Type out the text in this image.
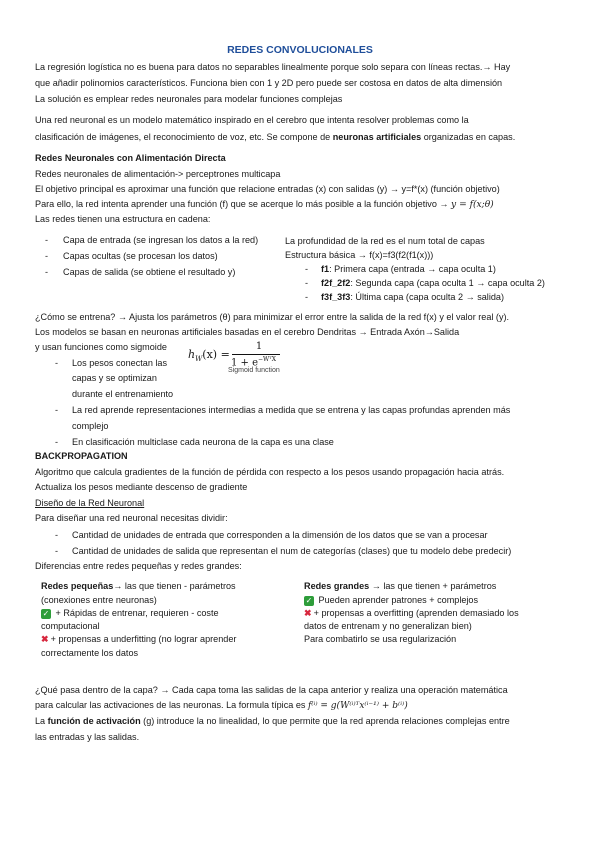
REDES CONVOLUCIONALES
La regresión logística no es buena para datos no separables linealmente porque solo separa con líneas rectas.→ Hay
que añadir polinomios característicos. Funciona bien con 1 y 2D pero puede ser costosa en datos de alta dimensión
La solución es emplear redes neuronales para modelar funciones complejas
Una red neuronal es un modelo matemático inspirado en el cerebro que intenta resolver problemas como la
clasificación de imágenes, el reconocimiento de voz, etc. Se compone de neuronas artificiales organizadas en capas.
Redes Neuronales con Alimentación Directa
Redes neuronales de alimentación-> perceptrones multicapa
El objetivo principal es aproximar una función que relacione entradas (x) con salidas (y) → y=f*(x) (función objetivo)
Para ello, la red intenta aprender una función (f) que se acerque lo más posible a la función objetivo → y = f(x;θ)
Las redes tienen una estructura en cadena:
- Capa de entrada (se ingresan los datos a la red)
- Capas ocultas (se procesan los datos)
- Capas de salida (se obtiene el resultado y)
La profundidad de la red es el num total de capas
Estructura básica → f(x)=f3(f2(f1(x)))
- f1: Primera capa (entrada → capa oculta 1)
- f2f_2f2: Segunda capa (capa oculta 1 → capa oculta 2)
- f3f_3f3: Última capa (capa oculta 2 → salida)
¿Cómo se entrena? → Ajusta los parámetros (θ) para minimizar el error entre la salida de la red f(x) y el valor real (y).
Los modelos se basan en neuronas artificiales basadas en el cerebro Dendritas → Entrada Axón→Salida
y usan funciones como sigmoide
$h_W(x)$ =
1
$1 + e^{-WᵀX}$
Sigmoid function
- Los pesos conectan las
capas y se optimizan
durante el entrenamiento
- La red aprende representaciones intermedias a medida que se entrena y las capas profundas aprenden más
complejo
- En clasificación multiclase cada neurona de la capa es una clase
BACKPROPAGATION
Algoritmo que calcula gradientes de la función de pérdida con respecto a los pesos usando propagación hacia atrás.
Actualiza los pesos mediante descenso de gradiente
Diseño de la Red Neuronal
Para diseñar una red neuronal necesitas dividir:
- Cantidad de unidades de entrada que corresponden a la dimensión de los datos que se van a procesar
- Cantidad de unidades de salida que representan el num de categorías (clases) que tu modelo debe predecir)
Diferencias entre redes pequeñas y redes grandes:
Redes pequeñas→ las que tienen - parámetros
(conexiones entre neuronas)
✓ + Rápidas de entrenar, requieren - coste
computacional
✖ + propensas a underfitting (no lograr aprender
correctamente los datos
Redes grandes → las que tienen + parámetros
✓ Pueden aprender patrones + complejos
✖ + propensas a overfitting (aprenden demasiado los
datos de entrenam y no generalizan bien)
Para combatirlo se usa regularización
¿Qué pasa dentro de la capa? → Cada capa toma las salidas de la capa anterior y realiza una operación matemática
para calcular las activaciones de las neuronas. La formula típica es f⁽ⁱ⁾ = g(W⁽ⁱ⁾ᵀx⁽ⁱ⁻¹⁾ + b⁽ⁱ⁾)
La función de activación (g) introduce la no linealidad, lo que permite que la red aprenda relaciones complejas entre
las entradas y las salidas.
